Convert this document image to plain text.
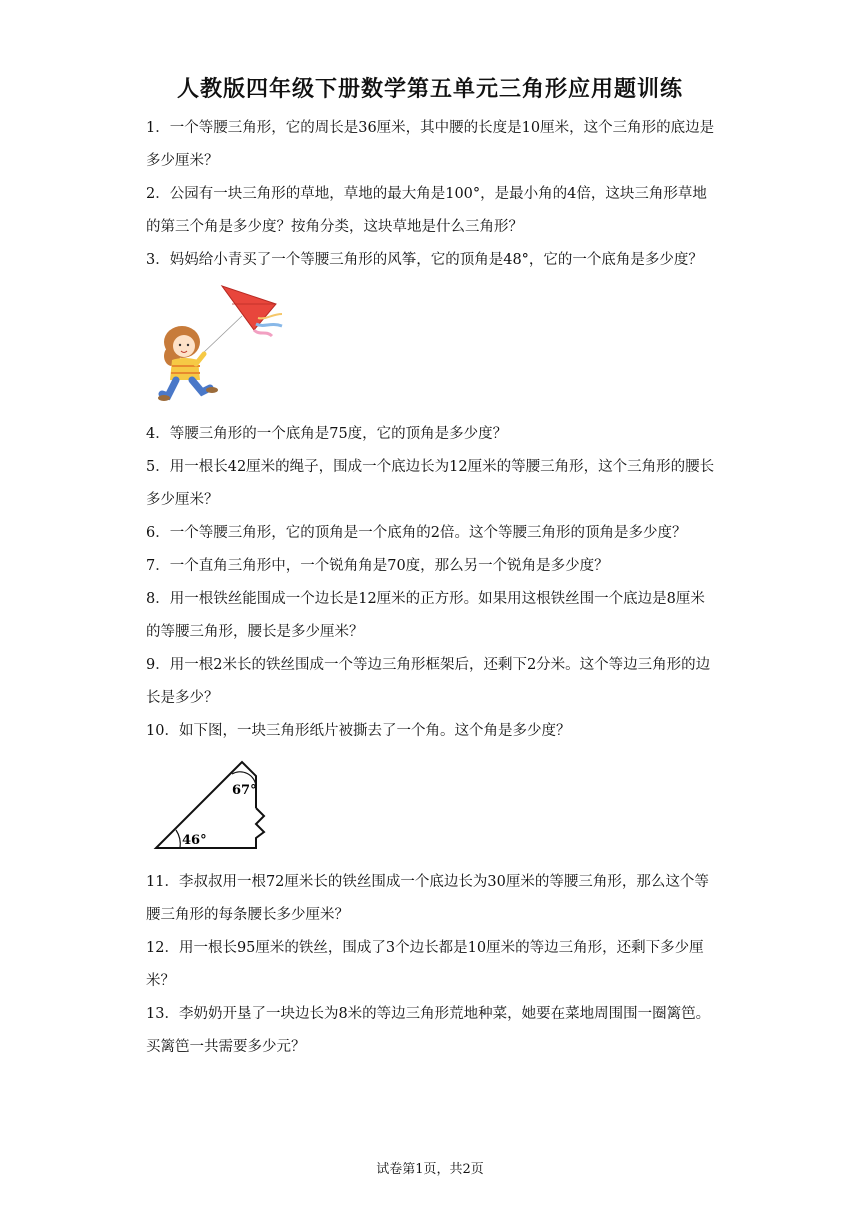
人教版四年级下册数学第五单元三角形应用题训练

1．一个等腰三角形，它的周长是36厘米，其中腰的长度是10厘米，这个三角形的底边是多少厘米？

2．公园有一块三角形的草地，草地的最大角是100°，是最小角的4倍，这块三角形草地的第三个角是多少度？按角分类，这块草地是什么三角形？

3．妈妈给小青买了一个等腰三角形的风筝，它的顶角是48°，它的一个底角是多少度？

4．等腰三角形的一个底角是75度，它的顶角是多少度？

5．用一根长42厘米的绳子，围成一个底边长为12厘米的等腰三角形，这个三角形的腰长多少厘米？

6．一个等腰三角形，它的顶角是一个底角的2倍。这个等腰三角形的顶角是多少度？

7．一个直角三角形中，一个锐角角是70度，那么另一个锐角是多少度？

8．用一根铁丝能围成一个边长是12厘米的正方形。如果用这根铁丝围一个底边是8厘米的等腰三角形，腰长是多少厘米？

9．用一根2米长的铁丝围成一个等边三角形框架后，还剩下2分米。这个等边三角形的边长是多少？

10．如下图，一块三角形纸片被撕去了一个角。这个角是多少度？

67°
46°

11．李叔叔用一根72厘米长的铁丝围成一个底边长为30厘米的等腰三角形，那么这个等腰三角形的每条腰长多少厘米？

12．用一根长95厘米的铁丝，围成了3个边长都是10厘米的等边三角形，还剩下多少厘米？

13．李奶奶开垦了一块边长为8米的等边三角形荒地种菜，她要在菜地周围围一圈篱笆。买篱笆一共需要多少元？

试卷第1页，共2页
